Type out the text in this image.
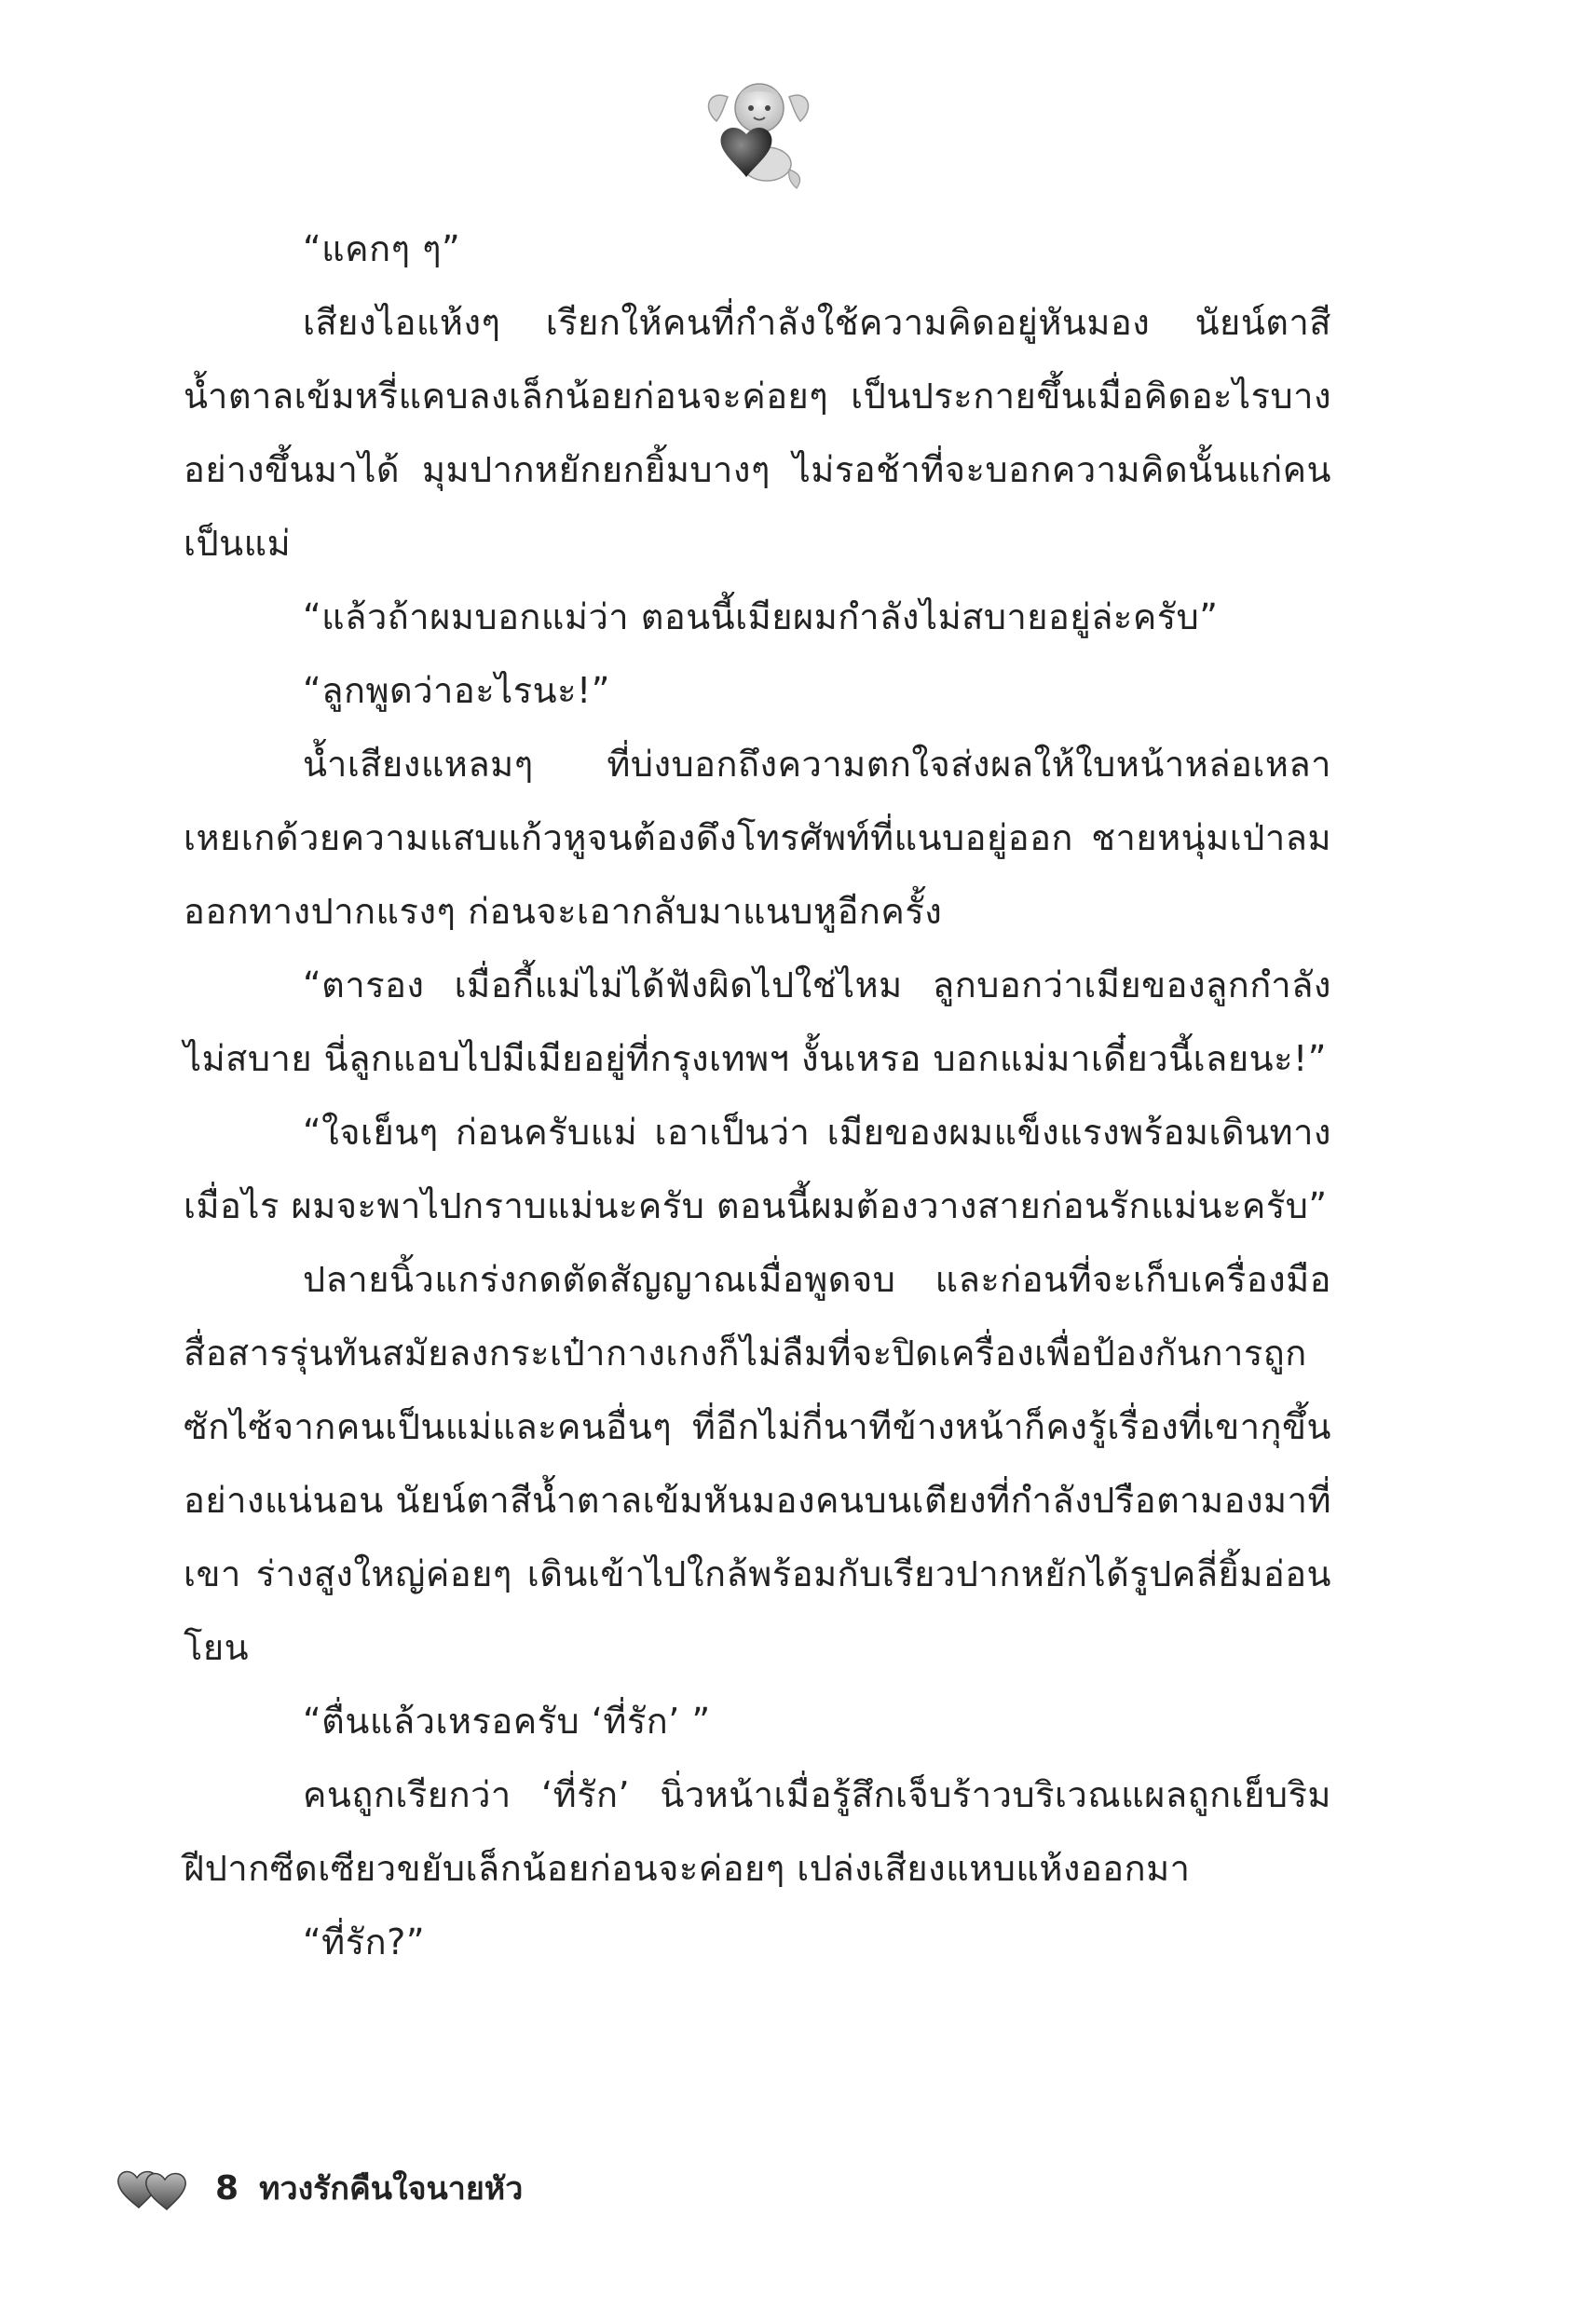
“แคกๆ ๆ”

เสียงไอแห้งๆ เรียกให้คนที่กำลังใช้ความคิดอยู่หันมอง นัยน์ตาสีน้ำตาลเข้มหรี่แคบลงเล็กน้อยก่อนจะค่อยๆ เป็นประกายขึ้นเมื่อคิดอะไรบางอย่างขึ้นมาได้ มุมปากหยักยกยิ้มบางๆ ไม่รอช้าที่จะบอกความคิดนั้นแก่คนเป็นแม่

“แล้วถ้าผมบอกแม่ว่า ตอนนี้เมียผมกำลังไม่สบายอยู่ล่ะครับ”

“ลูกพูดว่าอะไรนะ!”

น้ำเสียงแหลมๆ ที่บ่งบอกถึงความตกใจส่งผลให้ใบหน้าหล่อเหลาเหยเกด้วยความแสบแก้วหูจนต้องดึงโทรศัพท์ที่แนบอยู่ออก ชายหนุ่มเป่าลมออกทางปากแรงๆ ก่อนจะเอากลับมาแนบหูอีกครั้ง

“ตารอง เมื่อกี้แม่ไม่ได้ฟังผิดไปใช่ไหม ลูกบอกว่าเมียของลูกกำลังไม่สบาย นี่ลูกแอบไปมีเมียอยู่ที่กรุงเทพฯ งั้นเหรอ บอกแม่มาเดี๋ยวนี้เลยนะ!”

“ใจเย็นๆ ก่อนครับแม่ เอาเป็นว่า เมียของผมแข็งแรงพร้อมเดินทางเมื่อไร ผมจะพาไปกราบแม่นะครับ ตอนนี้ผมต้องวางสายก่อนรักแม่นะครับ”

ปลายนิ้วแกร่งกดตัดสัญญาณเมื่อพูดจบ และก่อนที่จะเก็บเครื่องมือสื่อสารรุ่นทันสมัยลงกระเป๋ากางเกงก็ไม่ลืมที่จะปิดเครื่องเพื่อป้องกันการถูกซักไซ้จากคนเป็นแม่และคนอื่นๆ ที่อีกไม่กี่นาทีข้างหน้าก็คงรู้เรื่องที่เขากุขึ้นอย่างแน่นอน นัยน์ตาสีน้ำตาลเข้มหันมองคนบนเตียงที่กำลังปรือตามองมาที่เขา ร่างสูงใหญ่ค่อยๆ เดินเข้าไปใกล้พร้อมกับเรียวปากหยักได้รูปคลี่ยิ้มอ่อนโยน

“ตื่นแล้วเหรอครับ ‘ที่รัก’ ”

คนถูกเรียกว่า ‘ที่รัก’ นิ่วหน้าเมื่อรู้สึกเจ็บร้าวบริเวณแผลถูกเย็บริมฝีปากซีดเซียวขยับเล็กน้อยก่อนจะค่อยๆ เปล่งเสียงแหบแห้งออกมา

“ที่รัก?”

8 ทวงรักคืนใจนายหัว
